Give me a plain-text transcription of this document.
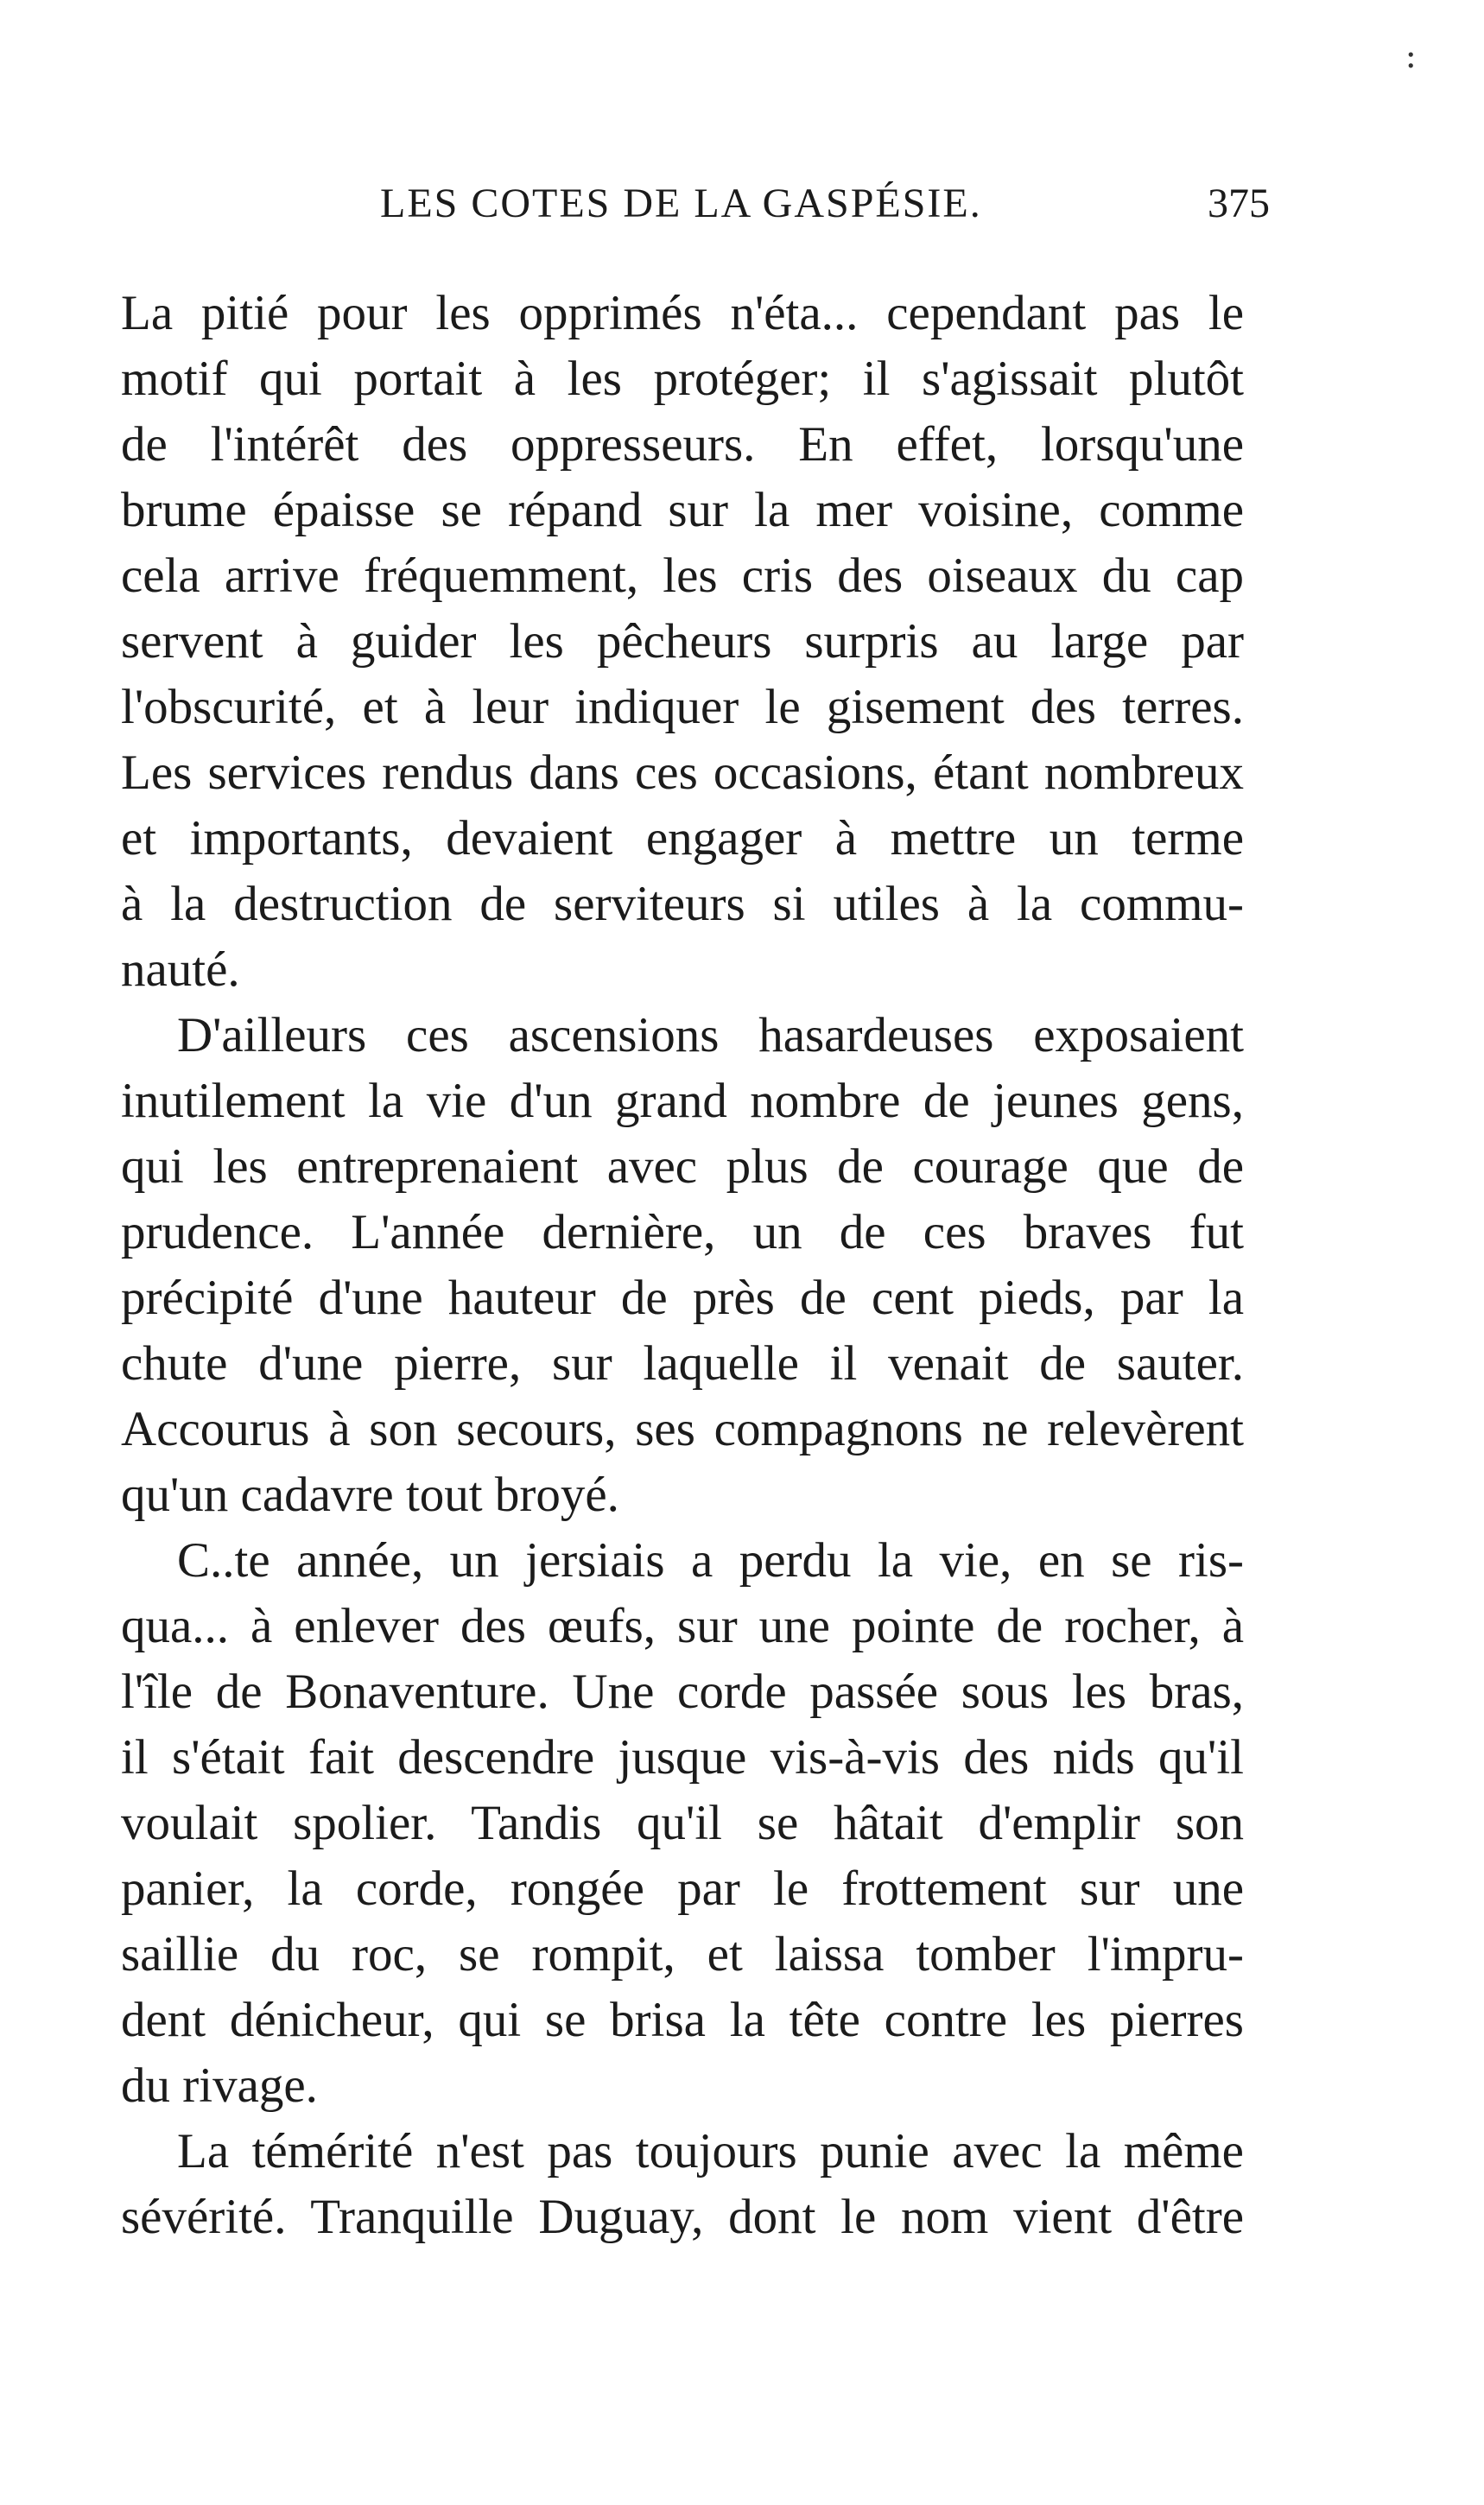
:
LES COTES DE LA GASPÉSIE.	375
La pitié pour les opprimés n'éta... cependant pas le
motif qui portait à les protéger; il s'agissait plutôt
de l'intérêt des oppresseurs. En effet, lorsqu'une
brume épaisse se répand sur la mer voisine, comme
cela arrive fréquemment, les cris des oiseaux du cap
servent à guider les pêcheurs surpris au large par
l'obscurité, et à leur indiquer le gisement des terres.
Les services rendus dans ces occasions, étant nombreux
et importants, devaient engager à mettre un terme
à la destruction de serviteurs si utiles à la commu-
nauté.
D'ailleurs ces ascensions hasardeuses exposaient
inutilement la vie d'un grand nombre de jeunes gens,
qui les entreprenaient avec plus de courage que de
prudence. L'année dernière, un de ces braves fut
précipité d'une hauteur de près de cent pieds, par la
chute d'une pierre, sur laquelle il venait de sauter.
Accourus à son secours, ses compagnons ne relevèrent
qu'un cadavre tout broyé.
C..te année, un jersiais a perdu la vie, en se ris-
qua... à enlever des œufs, sur une pointe de rocher, à
l'île de Bonaventure. Une corde passée sous les bras,
il s'était fait descendre jusque vis-à-vis des nids qu'il
voulait spolier. Tandis qu'il se hâtait d'emplir son
panier, la corde, rongée par le frottement sur une
saillie du roc, se rompit, et laissa tomber l'impru-
dent dénicheur, qui se brisa la tête contre les pierres
du rivage.
La témérité n'est pas toujours punie avec la même
sévérité. Tranquille Duguay, dont le nom vient d'être
